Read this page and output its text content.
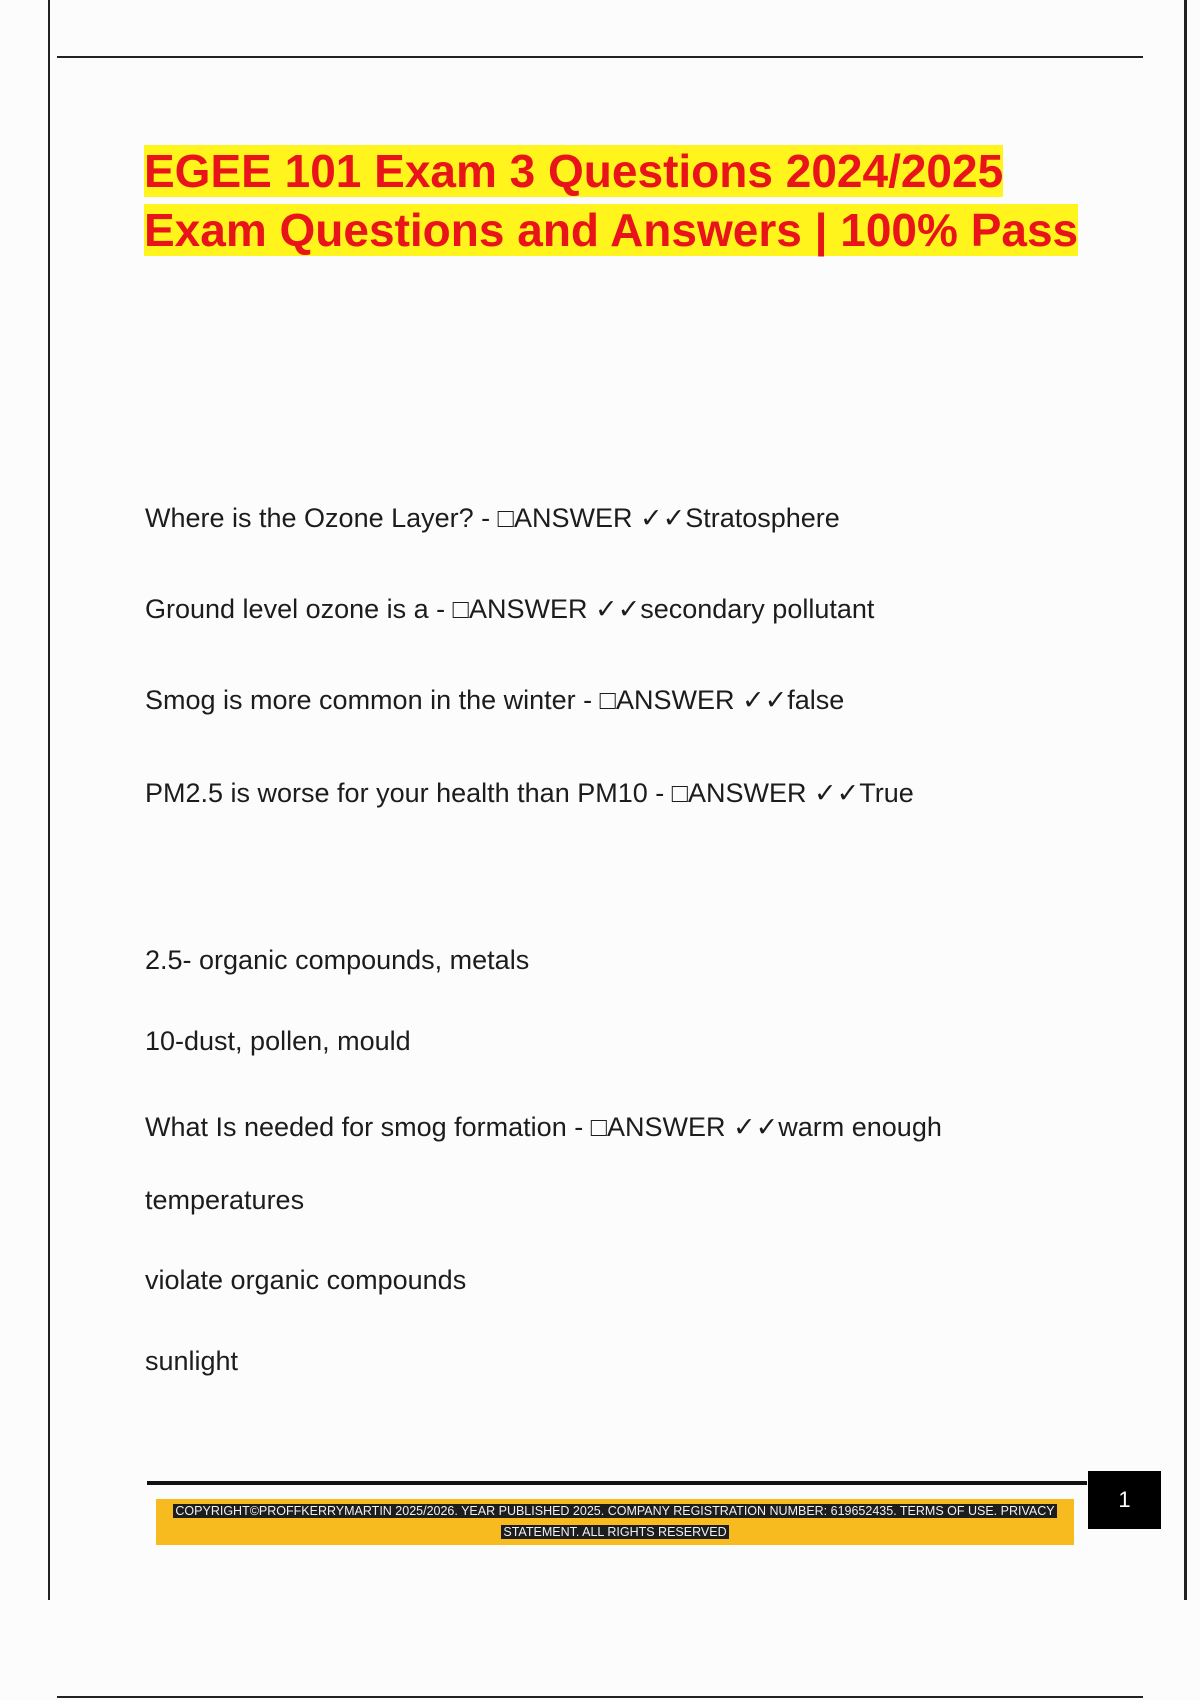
EGEE 101 Exam 3 Questions 2024/2025 Exam Questions and Answers | 100% Pass
Where is the Ozone Layer? - □ANSWER ✓✓Stratosphere
Ground level ozone is a - □ANSWER ✓✓secondary pollutant
Smog is more common in the winter - □ANSWER ✓✓false
PM2.5 is worse for your health than PM10 - □ANSWER ✓✓True
2.5- organic compounds, metals
10-dust, pollen, mould
What Is needed for smog formation - □ANSWER ✓✓warm enough
temperatures
violate organic compounds
sunlight
COPYRIGHT©PROFFKERRYMARTIN 2025/2026. YEAR PUBLISHED 2025. COMPANY REGISTRATION NUMBER: 619652435. TERMS OF USE. PRIVACY STATEMENT. ALL RIGHTS RESERVED
1
